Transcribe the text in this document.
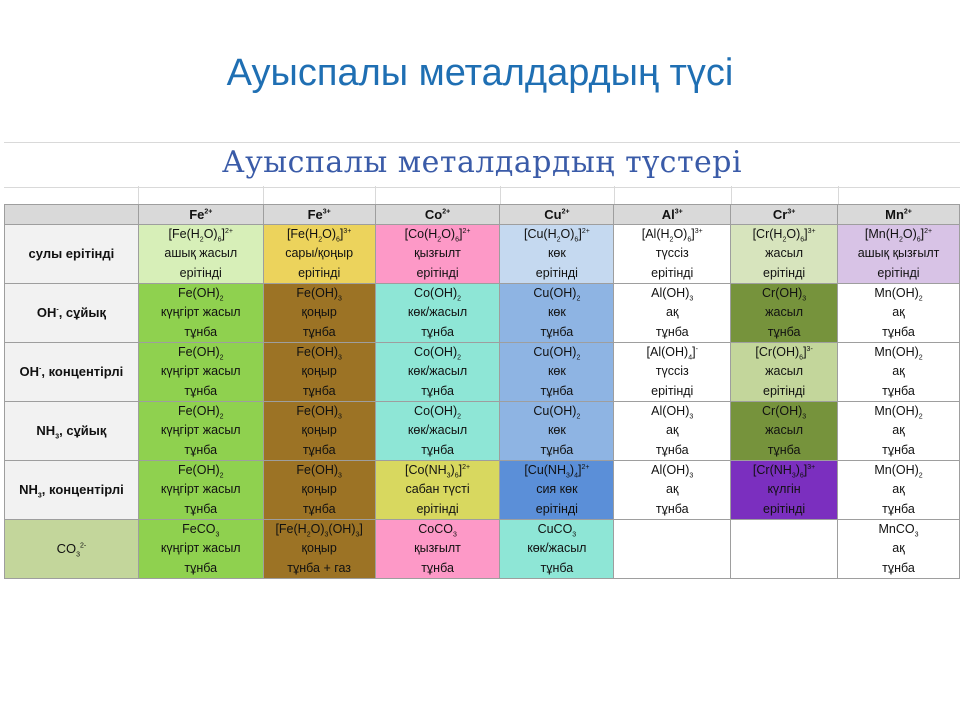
Ауыспалы металдардың түсі
Ауыспалы металдардың түстері
	$Fe^{2+}$	$Fe^{3+}$	$Co^{2+}$	$Cu^{2+}$	$Al^{3+}$	$Cr^{3+}$	$Mn^{2+}$
сулы ерітінді	$[Fe(H_2O)_6]^{2+}$
ашық жасыл
ерітінді	$[Fe(H_2O)_6]^{3+}$
сары/қоңыр
ерітінді	$[Co(H_2O)_6]^{2+}$
қызғылт
ерітінді	$[Cu(H_2O)_6]^{2+}$
көк
ерітінді	$[Al(H_2O)_6]^{3+}$
түссіз
ерітінді	$[Cr(H_2O)_6]^{3+}$
жасыл
ерітінді	$[Mn(H_2O)_6]^{2+}$
ашық қызғылт
ерітінді

OH-, сұйық	$Fe(OH)_2$
күңгірт жасыл
тұнба	$Fe(OH)_3$
қоңыр
тұнба	$Co(OH)_2$
көк/жасыл
тұнба	$Cu(OH)_2$
көк
тұнба	$Al(OH)_3$
ақ
тұнба	$Cr(OH)_3$
жасыл
тұнба	$Mn(OH)_2$
ақ
тұнба

OH-, концентірлі	$Fe(OH)_2$
күңгірт жасыл
тұнба	$Fe(OH)_3$
қоңыр
тұнба	$Co(OH)_2$
көк/жасыл
тұнба	$Cu(OH)_2$
көк
тұнба	$[Al(OH)_4]^-$
түссіз
ерітінді	$[Cr(OH)_6]^{3-}$
жасыл
ерітінді	$Mn(OH)_2$
ақ
тұнба

$NH_3$, сұйық	$Fe(OH)_2$
күңгірт жасыл
тұнба	$Fe(OH)_3$
қоңыр
тұнба	$Co(OH)_2$
көк/жасыл
тұнба	$Cu(OH)_2$
көк
тұнба	$Al(OH)_3$
ақ
тұнба	$Cr(OH)_3$
жасыл
тұнба	$Mn(OH)_2$
ақ
тұнба

$NH_3$, концентірлі	$Fe(OH)_2$
күңгірт жасыл
тұнба	$Fe(OH)_3$
қоңыр
тұнба	$[Co(NH_3)_6]^{2+}$
сабан түсті
ерітінді	$[Cu(NH_3)_4]^{2+}$
сия көк
ерітінді	$Al(OH)_3$
ақ
тұнба	$[Cr(NH_3)_6]^{3+}$
күлгін
ерітінді	$Mn(OH)_2$
ақ
тұнба

$CO_3^{2-}$	FeCO$_3$
күңгірт жасыл
тұнба	$[Fe(H_2O)_3(OH)_3]$
қоңыр
тұнба + газ	CoCO$_3$
қызғылт
тұнба	CuCO$_3$
көк/жасыл
тұнба			MnCO$_3$
ақ
тұнба
